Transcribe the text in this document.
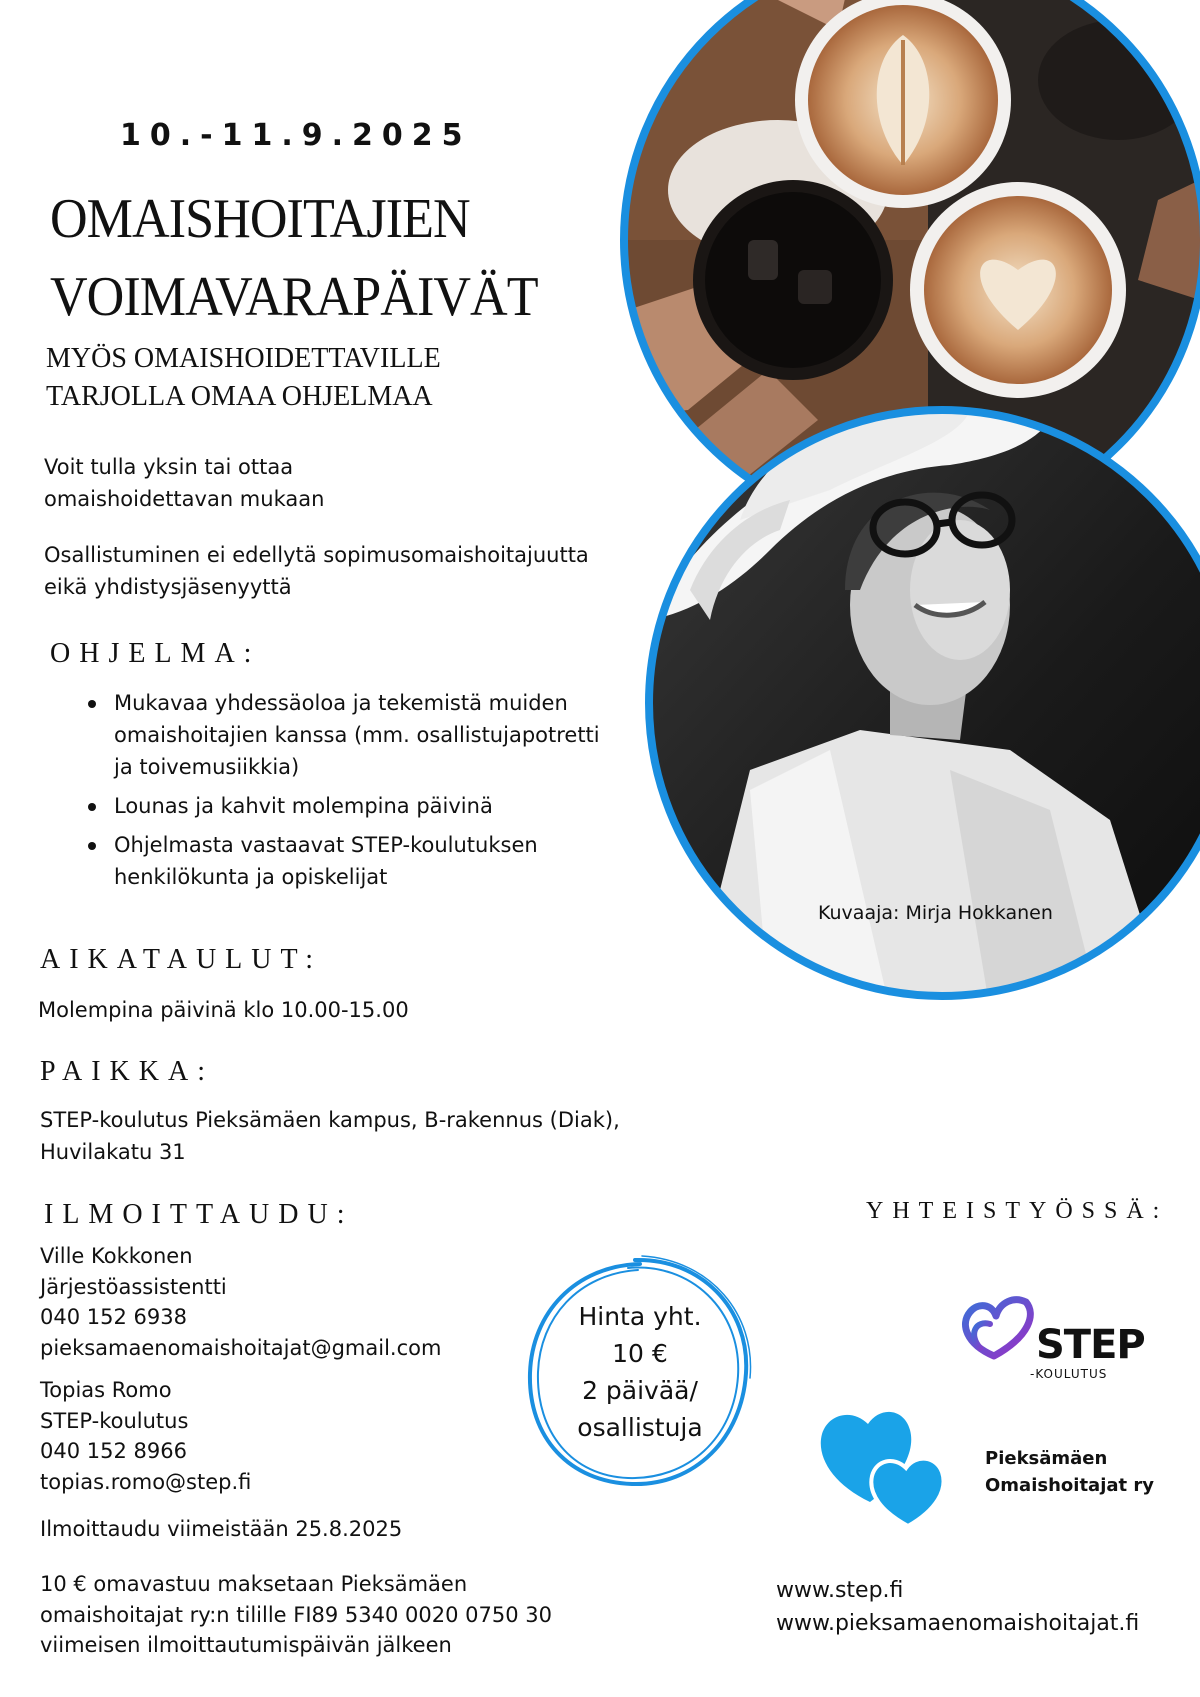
Kuvaaja: Mirja Hokkanen
10.-11.9.2025
OMAISHOITAJIEN
VOIMAVARAPÄIVÄT
MYÖS OMAISHOIDETTAVILLE
TARJOLLA OMAA OHJELMAA
Voit tulla yksin tai ottaa
omaishoidettavan mukaan
Osallistuminen ei edellytä sopimusomaishoitajuutta
eikä yhdistysjäsenyyttä
OHJELMA:
Mukavaa yhdessäoloa ja tekemistä muiden
omaishoitajien kanssa (mm. osallistujapotretti
ja toivemusiikkia)
Lounas ja kahvit molempina päivinä
Ohjelmasta vastaavat STEP-koulutuksen
henkilökunta ja opiskelijat
AIKATAULUT:
Molempina päivinä klo 10.00-15.00
PAIKKA:
STEP-koulutus Pieksämäen kampus, B-rakennus (Diak),
Huvilakatu 31
ILMOITTAUDU:
Ville Kokkonen
Järjestöassistentti
040 152 6938
pieksamaenomaishoitajat@gmail.com
Topias Romo
STEP-koulutus
040 152 8966
topias.romo@step.fi
Ilmoittaudu viimeistään 25.8.2025
10 € omavastuu maksetaan Pieksämäen
omaishoitajat ry:n tilille FI89 5340 0020 0750 30
viimeisen ilmoittautumispäivän jälkeen
Hinta yht.
10 €
2 päivää/
osallistuja
YHTEISTYÖSSÄ:
STEP
-KOULUTUS
Pieksämäen
Omaishoitajat ry
www.step.fi
www.pieksamaenomaishoitajat.fi
